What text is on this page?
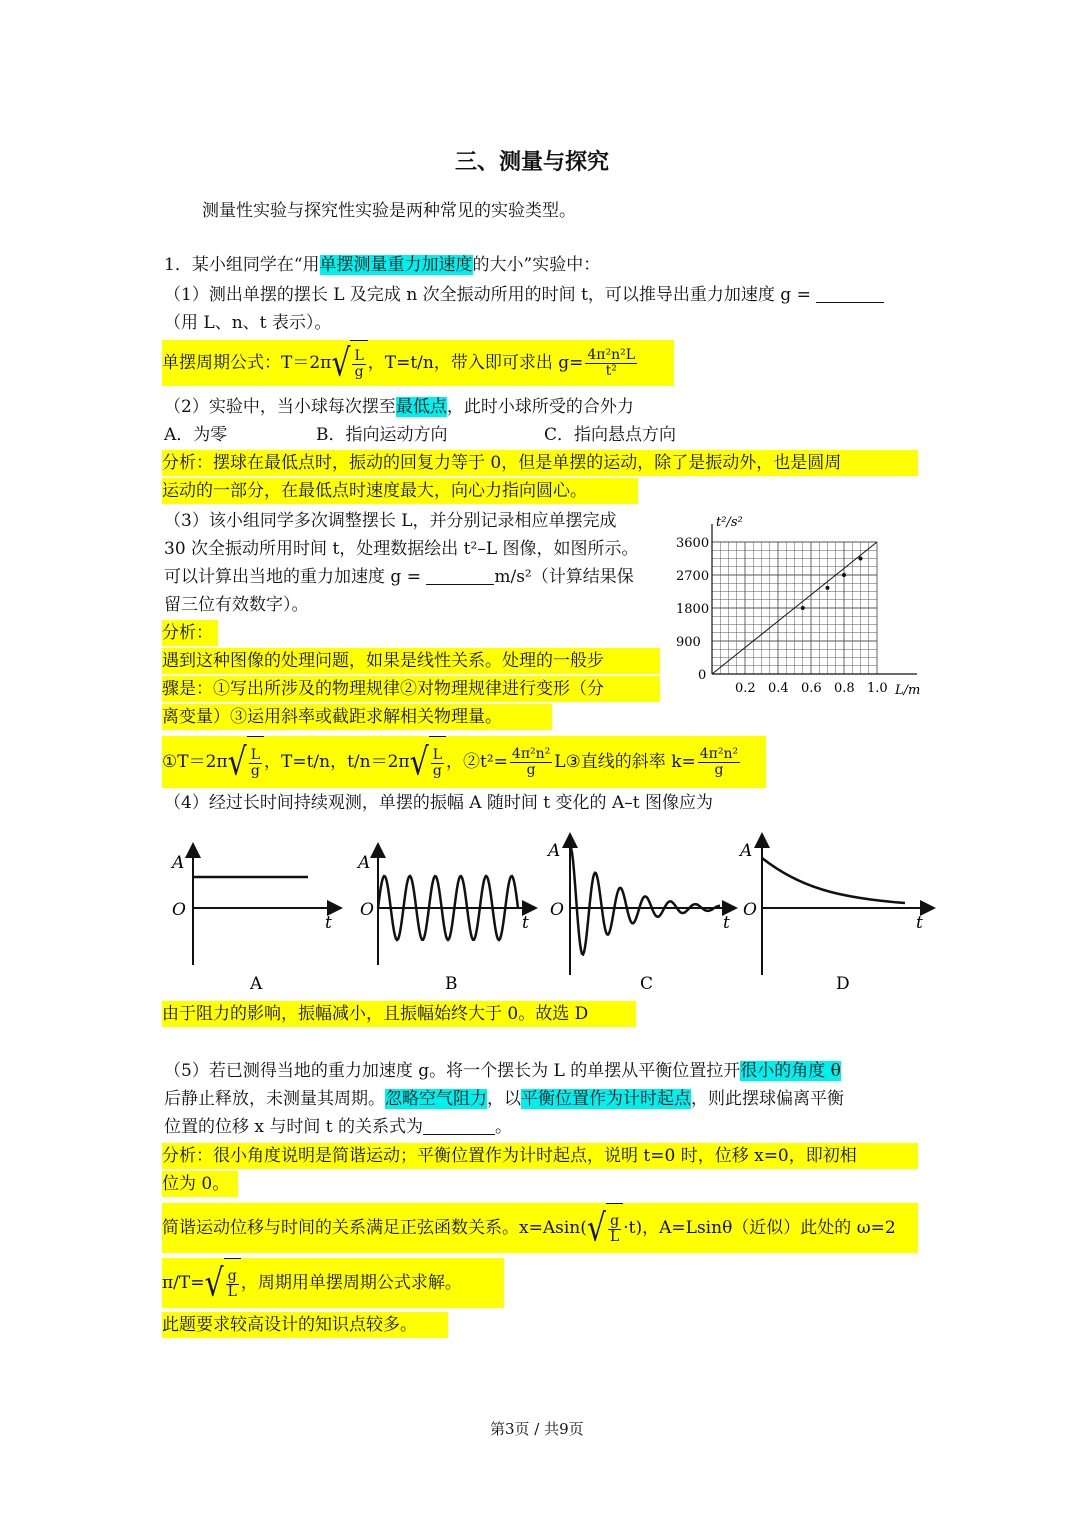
三、测量与探究
测量性实验与探究性实验是两种常见的实验类型。
1．某小组同学在“用单摆测量重力加速度的大小”实验中：
（1）测出单摆的摆长 L 及完成 n 次全振动所用的时间 t，可以推导出重力加速度 g =
（用 L、n、t 表示）。
单摆周期公式：T＝2π √ $\frac{L}{g}$ ，T=t/n，带入即可求出 $g= \frac{\text{4π²n²L}}{\text{t²}}$
（2）实验中，当小球每次摆至最低点，此时小球所受的合外力
A．为零	B．指向运动方向	C．指向悬点方向
分析：摆球在最低点时，振动的回复力等于 0，但是单摆的运动，除了是振动外，也是圆周
运动的一部分，在最低点时速度最大，向心力指向圆心。
（3）该小组同学多次调整摆长 L，并分别记录相应单摆完成
30 次全振动所用时间 t，处理数据绘出 t²–L 图像，如图所示。
可以计算出当地的重力加速度 g =	m/s²（计算结果保
留三位有效数字）。
分析：
遇到这种图像的处理问题，如果是线性关系。处理的一般步
骤是：①写出所涉及的物理规律②对物理规律进行变形（分
离变量）③运用斜率或截距求解相关物理量。
0.2 0.4 0.6 0.8 1.0
900
1800
2700
3600
0
L/m
t²/s²
①T＝2π √ $\frac{L}{g}$ ，T=t/n，t/n＝2π √ $\frac{L}{g}$ ，②t²= $\frac{\text{4π²n²}}{g}$ L③直线的斜率 $k= \frac{\text{4π²n²}}{g}$
（4）经过长时间持续观测，单摆的振幅 A 随时间 t 变化的 A–t 图像应为
A
O
t
A
O
t
A
O
t
A
O
t
A	B	C	D
由于阻力的影响，振幅减小，且振幅始终大于 0。故选 D
（5）若已测得当地的重力加速度 g。将一个摆长为 L 的单摆从平衡位置拉开很小的角度 θ
后静止释放，未测量其周期。忽略空气阻力，以平衡位置作为计时起点，则此摆球偏离平衡
位置的位移 x 与时间 t 的关系式为	。
分析：很小角度说明是简谐运动；平衡位置作为计时起点，说明 t=0 时，位移 x=0，即初相
位为 0。
简谐运动位移与时间的关系满足正弦函数关系。x=Asin( √ $\frac{g}{L} \cdot t$)，A=Lsinθ（近似）此处的 ω=2
π/T= √ $\frac{g}{L}$ ，周期用单摆周期公式求解。
此题要求较高设计的知识点较多。
第3页 / 共9页
